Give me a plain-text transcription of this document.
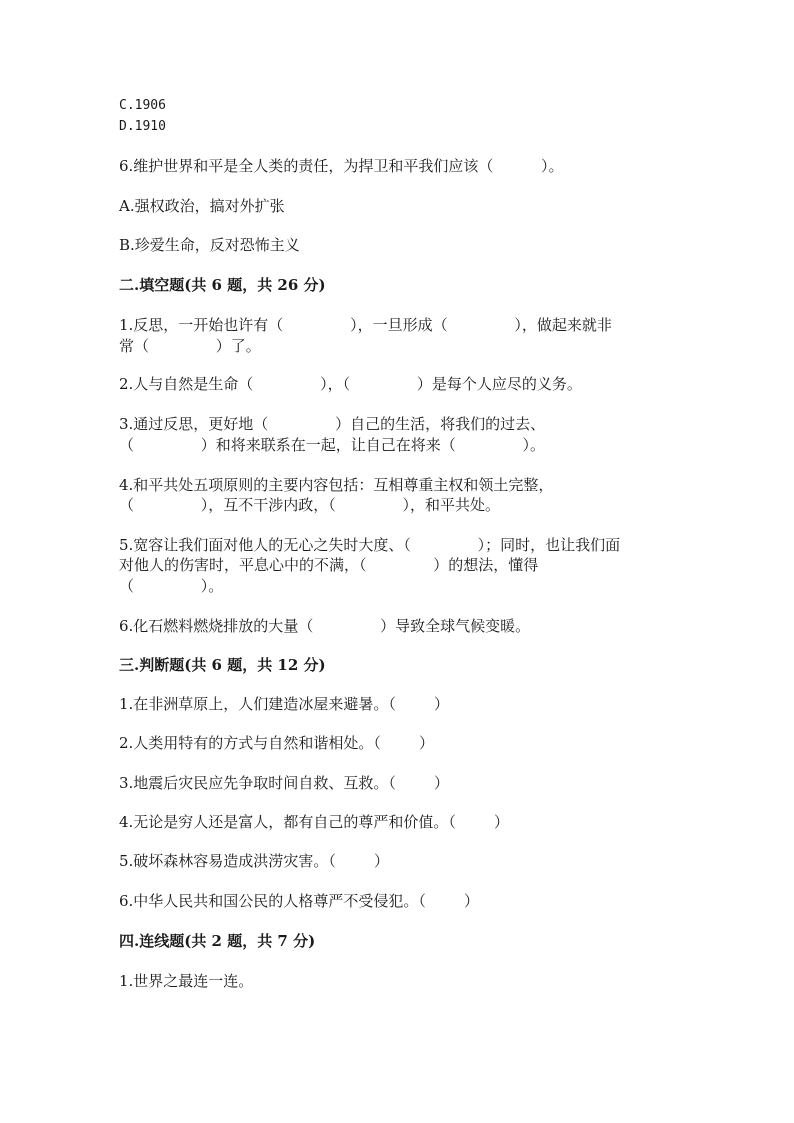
C.1906
D.1910
6.维护世界和平是全人类的责任，为捍卫和平我们应该（          ）。
A.强权政治，搞对外扩张
B.珍爱生命，反对恐怖主义
二.填空题(共 6 题，共 26 分)
1.反思，一开始也许有（              ），一旦形成（              ），做起来就非
常（              ）了。
2.人与自然是生命（              ），（              ）是每个人应尽的义务。
3.通过反思，更好地（              ）自己的生活，将我们的过去、
（              ）和将来联系在一起，让自己在将来（              ）。
4.和平共处五项原则的主要内容包括：互相尊重主权和领土完整，
（              ），互不干涉内政，（              ），和平共处。
5.宽容让我们面对他人的无心之失时大度、（              ）；同时，也让我们面
对他人的伤害时，平息心中的不满，（              ）的想法，懂得
（              ）。
6.化石燃料燃烧排放的大量（              ）导致全球气候变暖。
三.判断题(共 6 题，共 12 分)
1.在非洲草原上，人们建造冰屋来避暑。（        ）
2.人类用特有的方式与自然和谐相处。（        ）
3.地震后灾民应先争取时间自救、互救。（        ）
4.无论是穷人还是富人，都有自己的尊严和价值。（        ）
5.破坏森林容易造成洪涝灾害。（        ）
6.中华人民共和国公民的人格尊严不受侵犯。（        ）
四.连线题(共 2 题，共 7 分)
1.世界之最连一连。
